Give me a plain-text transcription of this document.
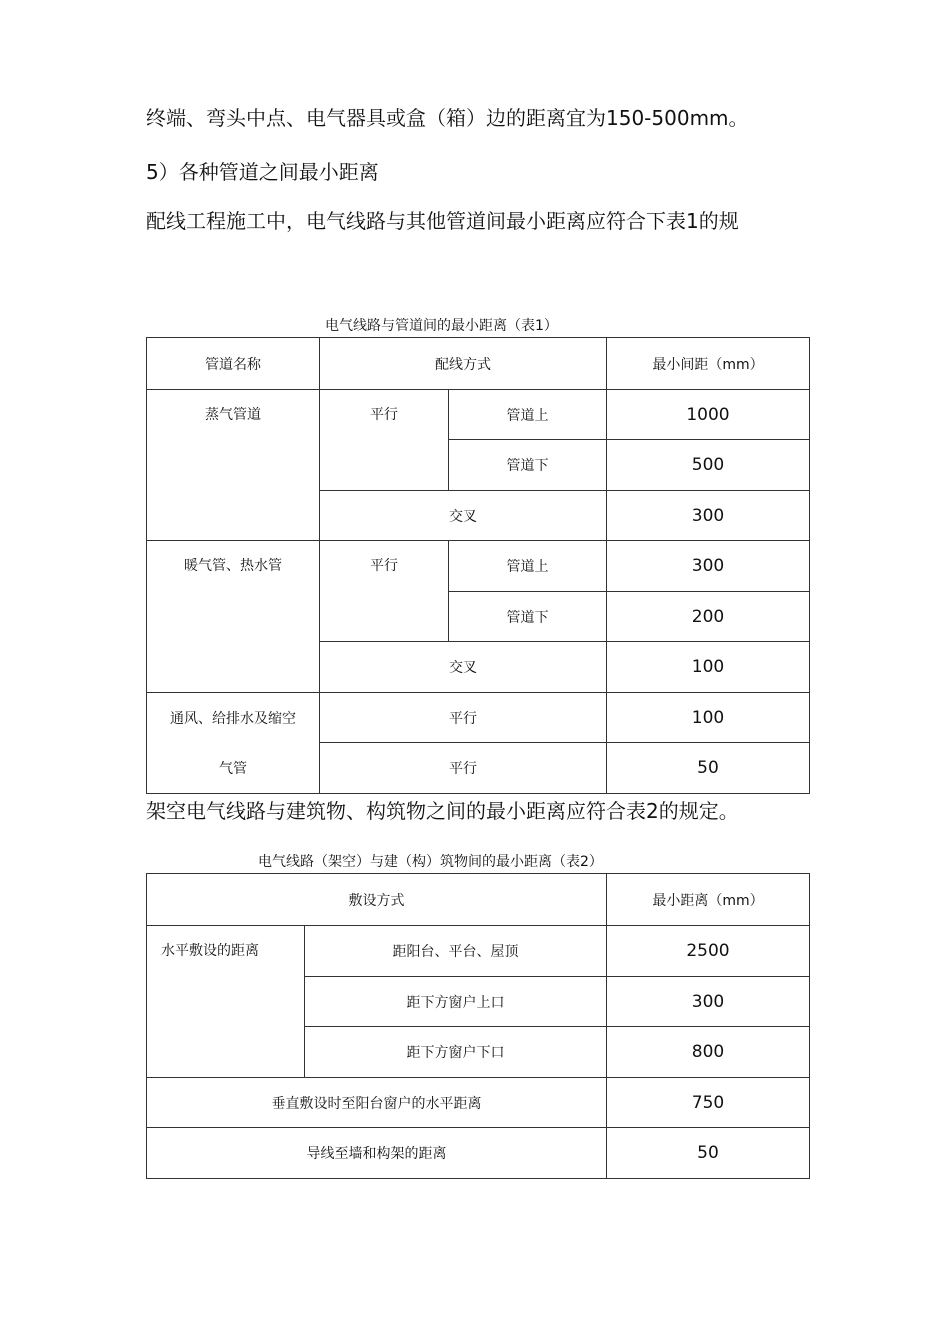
终端、弯头中点、电气器具或盒（箱）边的距离宜为150-500mm。
5）各种管道之间最小距离
配线工程施工中，电气线路与其他管道间最小距离应符合下表1的规
电气线路与管道间的最小距离（表1）
管道名称	配线方式		最小间距（mm）
蒸气管道	平行	管道上	1000
		管道下	500
	交叉		300
暖气管、热水管	平行	管道上	300
		管道下	200
	交叉		100
通风、给排水及缩空	平行		100
气管	平行		50
架空电气线路与建筑物、构筑物之间的最小距离应符合表2的规定。
电气线路（架空）与建（构）筑物间的最小距离（表2）
敷设方式		最小距离（mm）
水平敷设的距离	距阳台、平台、屋顶	2500
	距下方窗户上口	300
	距下方窗户下口	800
垂直敷设时至阳台窗户的水平距离		750
导线至墙和构架的距离		50
